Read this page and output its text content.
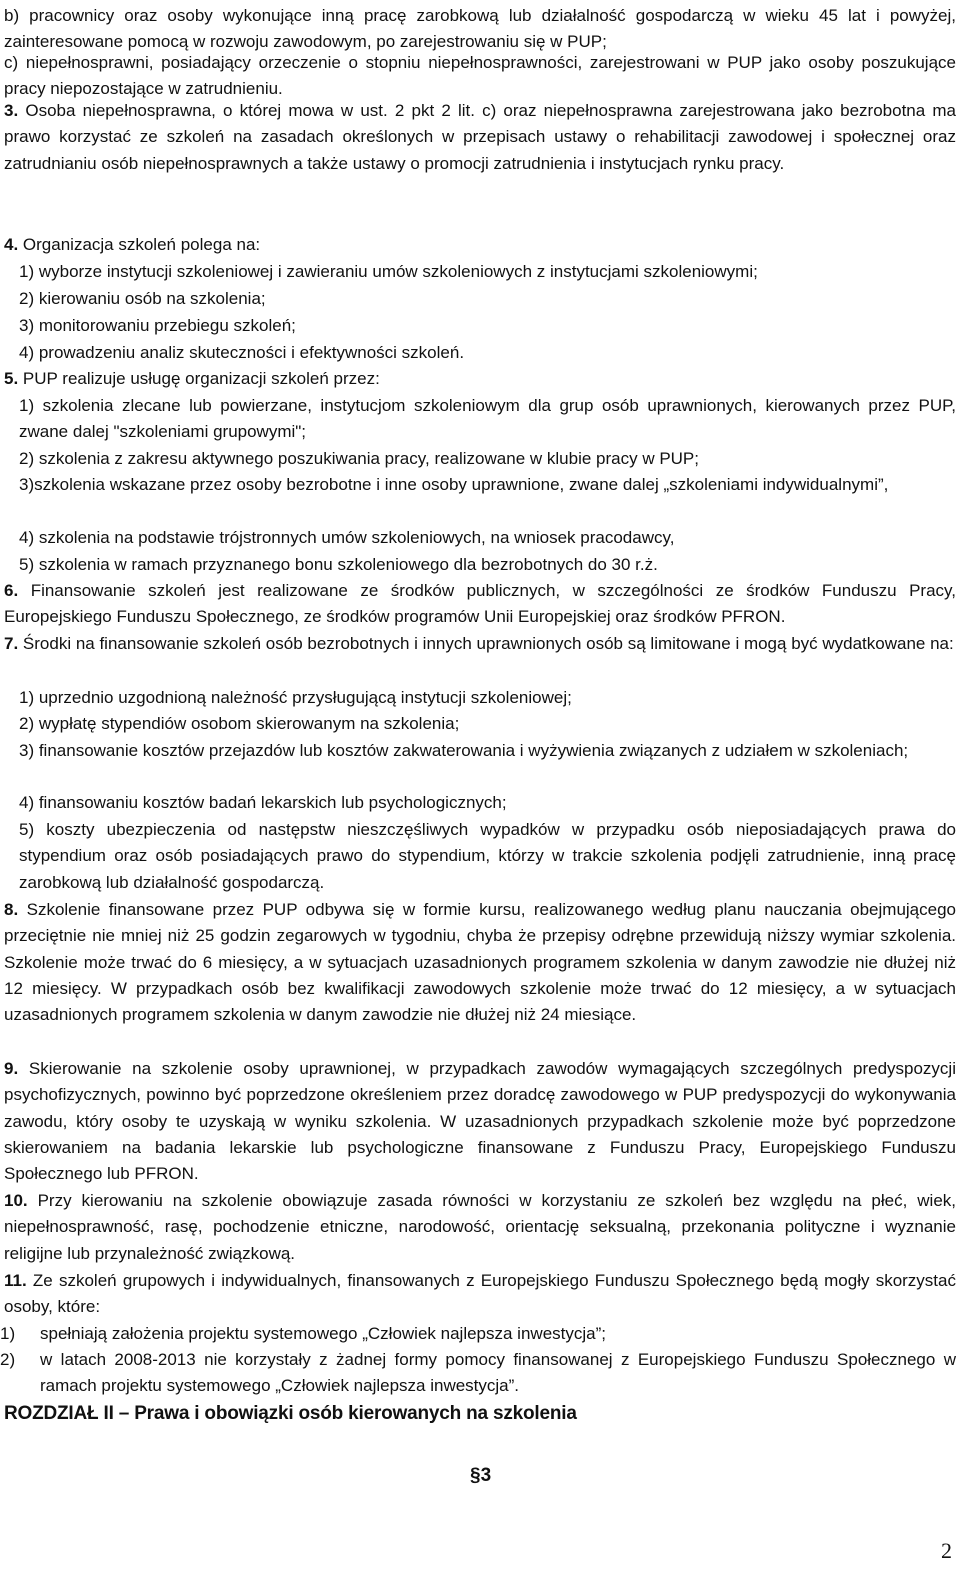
b) pracownicy oraz osoby wykonujące inną pracę zarobkową lub działalność gospodarczą w wieku 45 lat i powyżej, zainteresowane pomocą w rozwoju zawodowym, po zarejestrowaniu się w PUP;

c) niepełnosprawni, posiadający orzeczenie o stopniu niepełnosprawności, zarejestrowani w PUP jako osoby poszukujące pracy niepozostające w zatrudnieniu.

3. Osoba niepełnosprawna, o której mowa w ust. 2 pkt 2 lit. c) oraz niepełnosprawna zarejestrowana jako bezrobotna ma prawo korzystać ze szkoleń na zasadach określonych w przepisach ustawy o rehabilitacji zawodowej i społecznej oraz zatrudnianiu osób niepełnosprawnych a także ustawy o promocji zatrudnienia i instytucjach rynku pracy.

4. Organizacja szkoleń polega na:

1) wyborze instytucji szkoleniowej i zawieraniu umów szkoleniowych z instytucjami szkoleniowymi;

2) kierowaniu osób na szkolenia;

3) monitorowaniu przebiegu szkoleń;

4) prowadzeniu analiz skuteczności i efektywności szkoleń.

5. PUP realizuje usługę organizacji szkoleń przez:

1) szkolenia zlecane lub powierzane, instytucjom szkoleniowym dla grup osób uprawnionych, kierowanych przez PUP, zwane dalej "szkoleniami grupowymi";

2) szkolenia z zakresu aktywnego poszukiwania pracy, realizowane w klubie pracy w PUP;

3)szkolenia wskazane przez osoby bezrobotne i inne osoby uprawnione, zwane dalej „szkoleniami indywidualnymi”,

4) szkolenia na podstawie trójstronnych umów szkoleniowych, na wniosek pracodawcy,

5) szkolenia w ramach przyznanego bonu szkoleniowego dla bezrobotnych do 30 r.ż.

6. Finansowanie szkoleń jest realizowane ze środków publicznych, w szczególności ze środków Funduszu Pracy, Europejskiego Funduszu Społecznego, ze środków programów Unii Europejskiej oraz środków PFRON.

7. Środki na finansowanie szkoleń osób bezrobotnych i innych uprawnionych osób są limitowane i mogą być wydatkowane na:

1) uprzednio uzgodnioną należność przysługującą instytucji szkoleniowej;

2) wypłatę stypendiów osobom skierowanym na szkolenia;

3) finansowanie kosztów przejazdów lub kosztów zakwaterowania i wyżywienia związanych z udziałem w szkoleniach;

4) finansowaniu kosztów badań lekarskich lub psychologicznych;

5) koszty ubezpieczenia od następstw nieszczęśliwych wypadków w przypadku osób nieposiadających prawa do stypendium oraz osób posiadających prawo do stypendium, którzy w trakcie szkolenia podjęli zatrudnienie, inną pracę zarobkową lub działalność gospodarczą.

8. Szkolenie finansowane przez PUP odbywa się w formie kursu, realizowanego według planu nauczania obejmującego przeciętnie nie mniej niż 25 godzin zegarowych w tygodniu, chyba że przepisy odrębne przewidują niższy wymiar szkolenia. Szkolenie może trwać do 6 miesięcy, a w sytuacjach uzasadnionych programem szkolenia w danym zawodzie nie dłużej niż 12 miesięcy. W przypadkach osób bez kwalifikacji zawodowych szkolenie może trwać do 12 miesięcy, a w sytuacjach uzasadnionych programem szkolenia w danym zawodzie nie dłużej niż 24 miesiące.

9. Skierowanie na szkolenie osoby uprawnionej, w przypadkach zawodów wymagających szczególnych predyspozycji psychofizycznych, powinno być poprzedzone określeniem przez doradcę zawodowego w PUP predyspozycji do wykonywania zawodu, który osoby te uzyskają w wyniku szkolenia. W uzasadnionych przypadkach szkolenie może być poprzedzone skierowaniem na badania lekarskie lub psychologiczne finansowane z Funduszu Pracy, Europejskiego Funduszu Społecznego lub PFRON.

10. Przy kierowaniu na szkolenie obowiązuje zasada równości w korzystaniu ze szkoleń bez względu na płeć, wiek, niepełnosprawność, rasę, pochodzenie etniczne, narodowość, orientację seksualną, przekonania polityczne i wyznanie religijne lub przynależność związkową.

11. Ze szkoleń grupowych i indywidualnych, finansowanych z Europejskiego Funduszu Społecznego będą mogły skorzystać osoby, które:

1)	spełniają założenia projektu systemowego „Człowiek najlepsza inwestycja”;

2)	w latach 2008-2013 nie korzystały z żadnej formy pomocy finansowanej z Europejskiego Funduszu Społecznego w ramach projektu systemowego „Człowiek najlepsza inwestycja”.

ROZDZIAŁ II – Prawa i obowiązki osób kierowanych na szkolenia
§3
2
